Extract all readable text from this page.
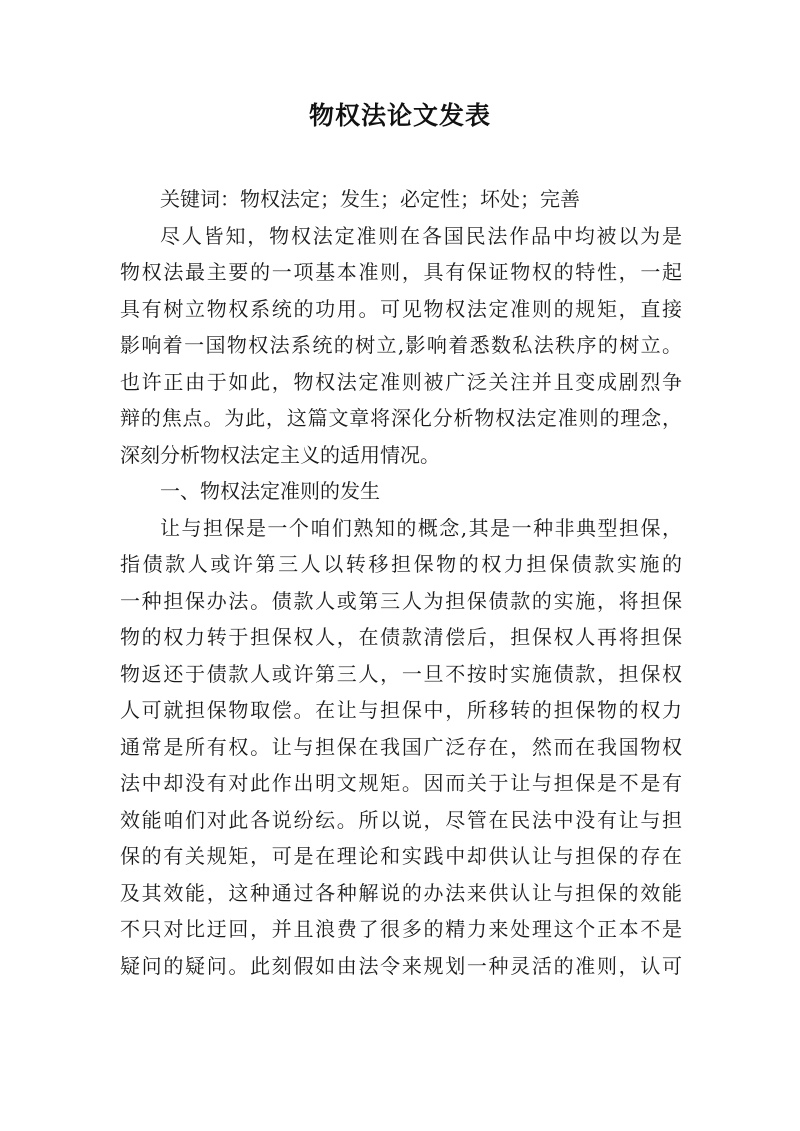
物权法论文发表
关键词：物权法定；发生；必定性；坏处；完善
尽人皆知，物权法定准则在各国民法作品中均被以为是
物权法最主要的一项基本准则，具有保证物权的特性，一起
具有树立物权系统的功用。可见物权法定准则的规矩，直接
影响着一国物权法系统的树立,影响着悉数私法秩序的树立。
也许正由于如此，物权法定准则被广泛关注并且变成剧烈争
辩的焦点。为此，这篇文章将深化分析物权法定准则的理念，
深刻分析物权法定主义的适用情况。
一、物权法定准则的发生
让与担保是一个咱们熟知的概念,其是一种非典型担保，
指债款人或许第三人以转移担保物的权力担保债款实施的
一种担保办法。债款人或第三人为担保债款的实施，将担保
物的权力转于担保权人，在债款清偿后，担保权人再将担保
物返还于债款人或许第三人，一旦不按时实施债款，担保权
人可就担保物取偿。在让与担保中，所移转的担保物的权力
通常是所有权。让与担保在我国广泛存在，然而在我国物权
法中却没有对此作出明文规矩。因而关于让与担保是不是有
效能咱们对此各说纷纭。所以说，尽管在民法中没有让与担
保的有关规矩，可是在理论和实践中却供认让与担保的存在
及其效能，这种通过各种解说的办法来供认让与担保的效能
不只对比迂回，并且浪费了很多的精力来处理这个正本不是
疑问的疑问。此刻假如由法令来规划一种灵活的准则，认可
